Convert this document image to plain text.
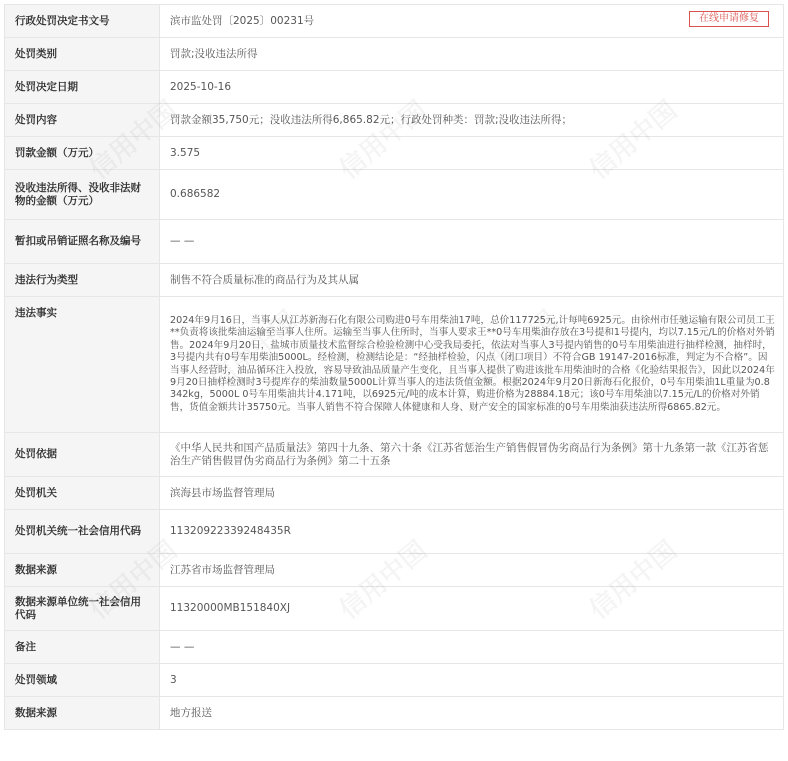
行政处罚决定书文号	滨市监处罚〔2025〕00231号 在线申请修复

处罚类别	罚款;没收违法所得
处罚决定日期	2025-10-16
处罚内容	罚款金额35,750元；没收违法所得6,865.82元；行政处罚种类：罚款;没收违法所得；
罚款金额（万元）	3.575
没收违法所得、没收非法财物的金额（万元）	0.686582
暂扣或吊销证照名称及编号	— —
违法行为类型	制售不符合质量标准的商品行为及其从属
违法事实	2024年9月16日，当事人从江苏新海石化有限公司购进0号车用柴油17吨，总价117725元,计每吨6925元。由徐州市任驰运输有限公司员工王**负责将该批柴油运输至当事人住所。运输至当事人住所时，当事人要求王**0号车用柴油存放在3号提和1号提内，均以7.15元/L的价格对外销售。2024年9月20日，盐城市质量技术监督综合检验检测中心受我局委托，依法对当事人3号提内销售的0号车用柴油进行抽样检测，抽样时，3号提内共有0号车用柴油5000L。经检测，检测结论是：“经抽样检验，闪点（闭口项目）不符合GB 19147-2016标准，判定为不合格”。因当事人经营时，油品循环注入投放，容易导致油品质量产生变化，且当事人提供了购进该批车用柴油时的合格《化验结果报告》，因此以2024年9月20日抽样检测时3号提库存的柴油数量5000L计算当事人的违法货值金额。根据2024年9月20日新海石化报价，0号车用柴油1L重量为0.8342kg，5000L 0号车用柴油共计4.171吨，以6925元/吨的成本计算，购进价格为28884.18元；该0号车用柴油以7.15元/L的价格对外销售，货值金额共计35750元。当事人销售不符合保障人体健康和人身、财产安全的国家标准的0号车用柴油获违法所得6865.82元。
处罚依据	《中华人民共和国产品质量法》第四十九条、第六十条《江苏省惩治生产销售假冒伪劣商品行为条例》第十九条第一款《江苏省惩治生产销售假冒伪劣商品行为条例》第二十五条
处罚机关	滨海县市场监督管理局
处罚机关统一社会信用代码	11320922339248435R
数据来源	江苏省市场监督管理局
数据来源单位统一社会信用代码	11320000MB151840XJ
备注	— —
处罚领域	3
数据来源	地方报送
